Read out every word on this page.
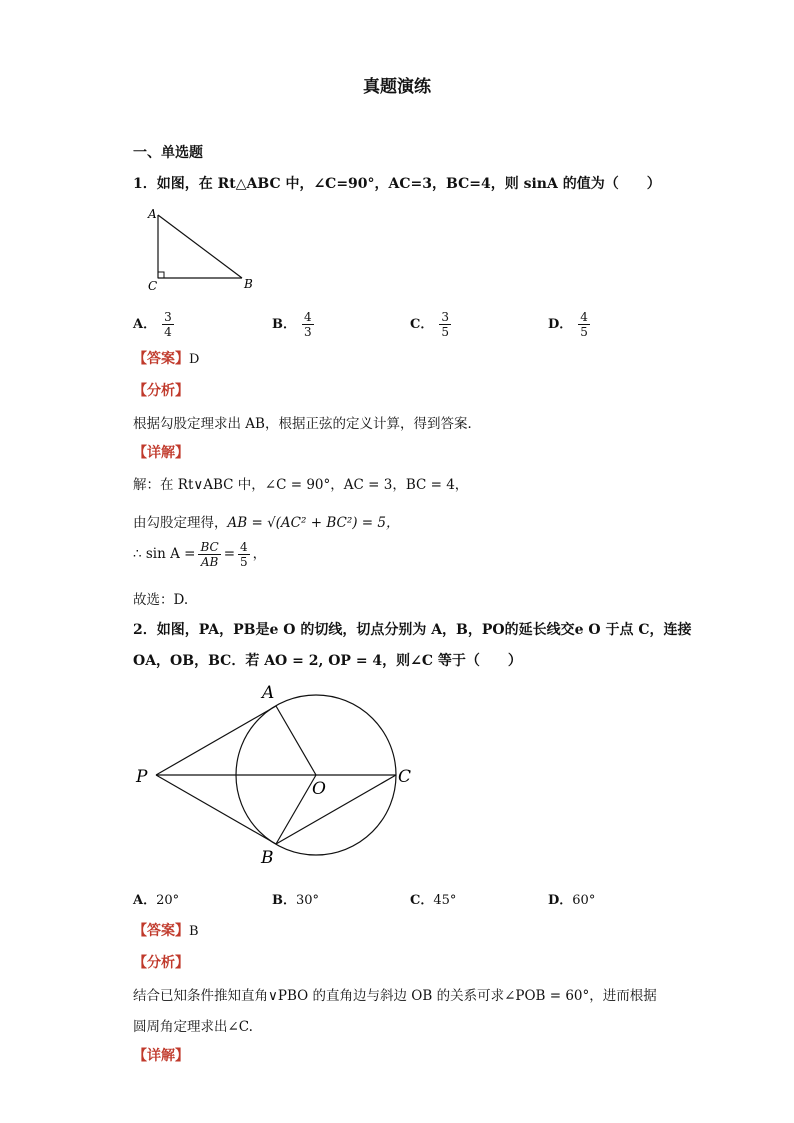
真题演练
一、单选题
1．如图，在 Rt△ABC 中，∠C=90°，AC=3，BC=4，则 sinA 的值为（　　）
A
C	B
A． $\frac{3}{4}$	B． $\frac{4}{3}$	C． $\frac{3}{5}$	D． $\frac{4}{5}$
【答案】D
【分析】
根据勾股定理求出 AB，根据正弦的定义计算，得到答案．
【详解】
解：在 Rt∨ABC 中，∠C = 90°，AC = 3，BC = 4，
由勾股定理得，AB = √(AC² + BC²) = 5，
∴ $\sin A = \frac{BC}{AB} = \frac{4}{5}$ ，
故选：D.
2．如图，PA，PB是e O 的切线，切点分别为 A，B，PO的延长线交e O 于点 C，连接
OA，OB，BC．若 AO = 2, OP = 4，则∠C 等于（　　）
A
P
O
C
B
A．20°	B．30°	C．45°	D．60°
【答案】B
【分析】
结合已知条件推知直角∨PBO 的直角边与斜边 OB 的关系可求∠POB = 60°，进而根据
圆周角定理求出∠C.
【详解】
